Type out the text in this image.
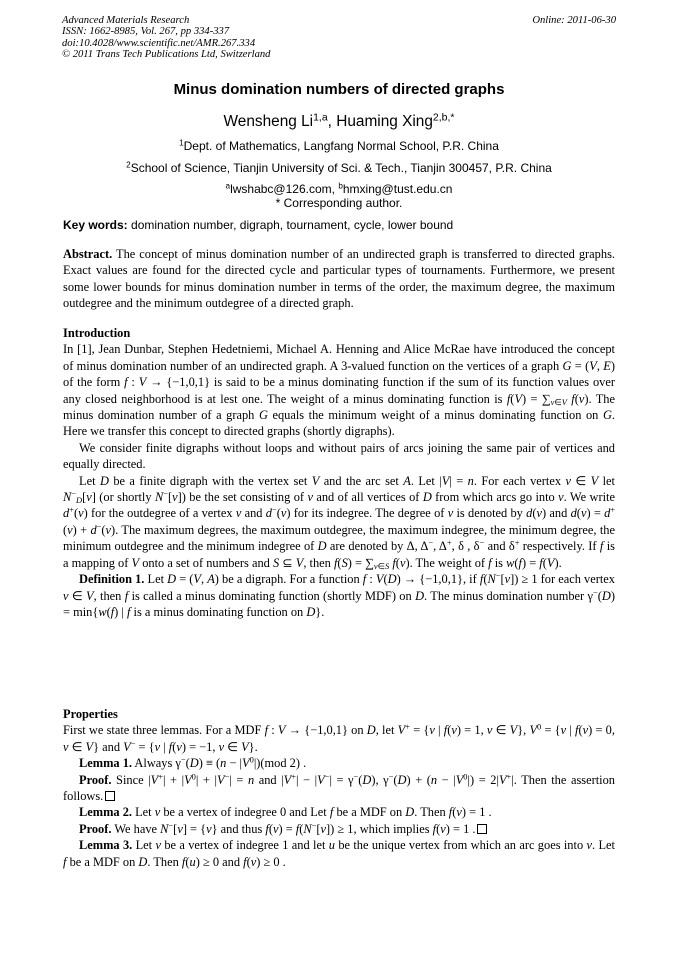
Advanced Materials Research
ISSN: 1662-8985, Vol. 267, pp 334-337
doi:10.4028/www.scientific.net/AMR.267.334
© 2011 Trans Tech Publications Ltd, Switzerland
Online: 2011-06-30
Minus domination numbers of directed graphs
Wensheng Li$^{1,a}$, Huaming Xing$^{2,b,*}$
$^1$Dept. of Mathematics, Langfang Normal School, P.R. China
$^2$School of Science, Tianjin University of Sci. & Tech., Tianjin 300457, P.R. China
$^a$lwshabc@126.com, $^b$hmxing@tust.edu.cn
* Corresponding author.
Key words: domination number, digraph, tournament, cycle, lower bound

Abstract. The concept of minus domination number of an undirected graph is transferred to directed graphs. Exact values are found for the directed cycle and particular types of tournaments. Furthermore, we present some lower bounds for minus domination number in terms of the order, the maximum degree, the maximum outdegree and the minimum outdegree of a directed graph.

Introduction

In [1], Jean Dunbar, Stephen Hedetniemi, Michael A. Henning and Alice McRae have introduced the concept of minus domination number of an undirected graph. A 3-valued function on the vertices of a graph G = (V, E) of the form f : V → {−1,0,1} is said to be a minus dominating function if the sum of its function values over any closed neighborhood is at lest one. The weight of a minus dominating function is $f(V) = \sum_{v\in V}$ f(v). The minus domination number of a graph G equals the minimum weight of a minus dominating function on G. Here we transfer this concept to directed graphs (shortly digraphs).

We consider finite digraphs without loops and without pairs of arcs joining the same pair of vertices and equally directed.

Let D be a finite digraph with the vertex set V and the arc set A. Let |V| = n. For each vertex v ∈ V let $N^-_D[v]$ (or shortly N−[v]) be the set consisting of v and of all vertices of D from which arcs go into v. We write d+(v) for the outdegree of a vertex v and d−(v) for its indegree. The degree of v is denoted by d(v) and d(v) = d+(v) + d−(v). The maximum degrees, the maximum outdegree, the maximum indegree, the minimum degree, the minimum outdegree and the minimum indegree of D are denoted by Δ, Δ−, Δ+, δ , δ− and δ+ respectively. If f is a mapping of V onto a set of numbers and S ⊆ V, then $f(S) = \sum_{v\in S}$ f(v). The weight of f is w(f) = f(V).

Definition 1. Let D = (V, A) be a digraph. For a function f : V(D) → {−1,0,1}, if f(N−[v]) ≥ 1 for each vertex v ∈ V, then f is called a minus dominating function (shortly MDF) on D. The minus domination number γ−(D) = min{w(f) | f is a minus dominating function on D}.

Properties

First we state three lemmas. For a MDF f : V → {−1,0,1} on D, let V+ = {v | f(v) = 1, v ∈ V}, $V^0 = \{v$ | f(v) = 0, v ∈ V} and V− = {v | f(v) = −1, v ∈ V}.

Lemma 1. Always $\gamma^-(D) \equiv (n - |V^0|)(mod$ 2) .

Proof. Since $|V^+| + |V^0| + |V^-| = n$ and |V+| − |V−| = γ−(D), $\gamma^-(D) + (n - |V^0|) = 2|V^+|$. Then the assertion follows.

Lemma 2. Let v be a vertex of indegree 0 and Let f be a MDF on D. Then f(v) = 1 .

Proof. We have N−[v] = {v} and thus f(v) = f(N−[v]) ≥ 1, which implies f(v) = 1 .

Lemma 3. Let v be a vertex of indegree 1 and let u be the unique vertex from which an arc goes into v. Let f be a MDF on D. Then f(u) ≥ 0 and f(v) ≥ 0 .
